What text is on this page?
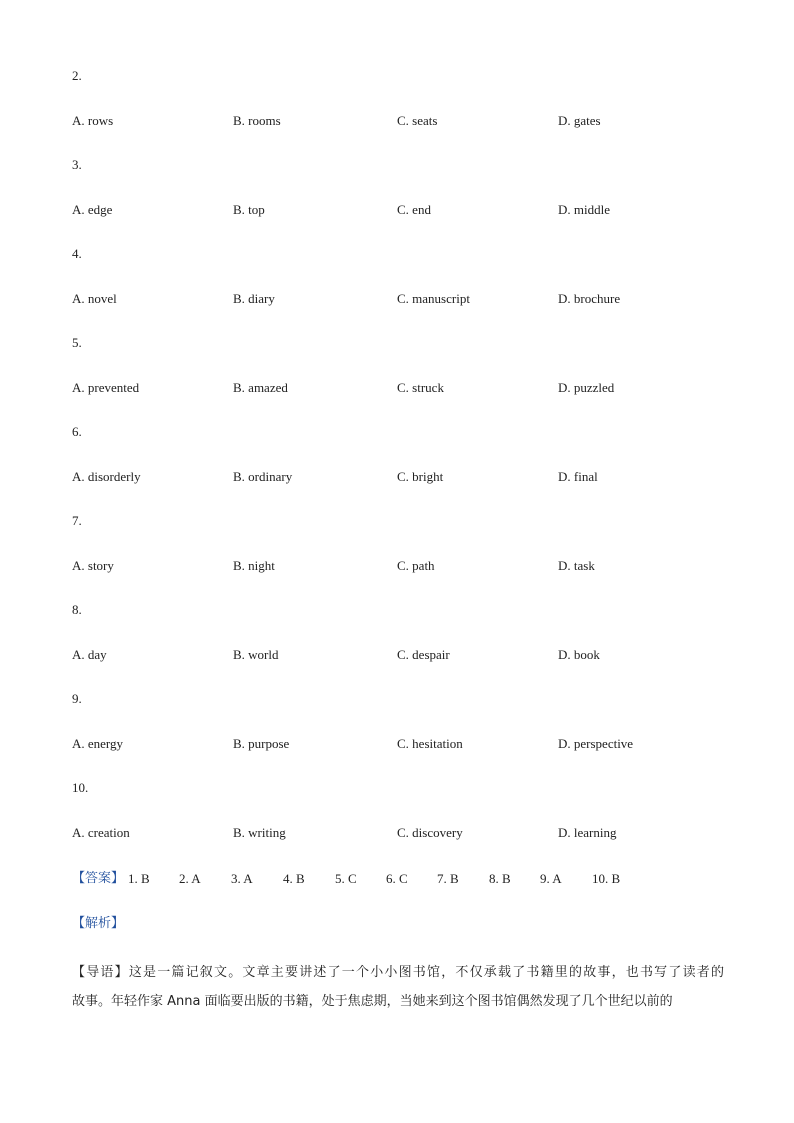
2.
A. rows	B. rooms	C. seats	D. gates
3.
A. edge	B. top	C. end	D. middle
4.
A. novel	B. diary	C. manuscript	D. brochure
5.
A. prevented	B. amazed	C. struck	D. puzzled
6.
A. disorderly	B. ordinary	C. bright	D. final
7.
A. story	B. night	C. path	D. task
8.
A. day	B. world	C. despair	D. book
9.
A. energy	B. purpose	C. hesitation	D. perspective
10.
A. creation	B. writing	C. discovery	D. learning
【答案】 1. B 2. A 3. A 4. B 5. C 6. C 7. B 8. B 9. A 10. B
【解析】
【导语】这是一篇记叙文。文章主要讲述了一个小小图书馆，不仅承载了书籍里的故事，也书写了读者的
故事。年轻作家 Anna 面临要出版的书籍，处于焦虑期，当她来到这个图书馆偶然发现了几个世纪以前的
